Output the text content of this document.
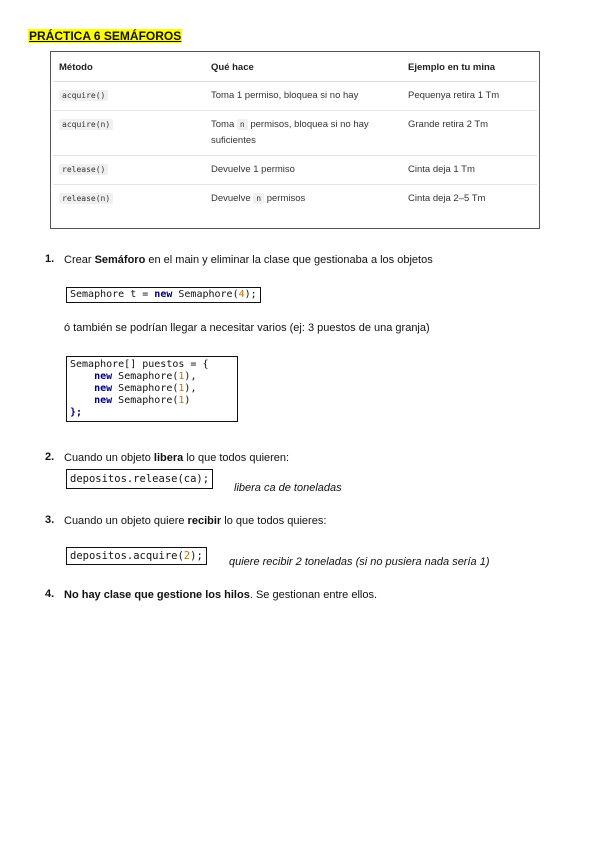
PRÁCTICA 6 SEMÁFOROS
Método	Qué hace	Ejemplo en tu mina
acquire()	Toma 1 permiso, bloquea si no hay	Pequenya retira 1 Tm
acquire(n)	Toma n permisos, bloquea si no hay suficientes	Grande retira 2 Tm
release()	Devuelve 1 permiso	Cinta deja 1 Tm
release(n)	Devuelve n permisos	Cinta deja 2–5 Tm
1. Crear Semáforo en el main y eliminar la clase que gestionaba a los objetos
Semaphore t = new Semaphore(4);
ó también se podrían llegar a necesitar varios (ej: 3 puestos de una granja)
Semaphore[] puestos = {
new Semaphore(1),
new Semaphore(1),
new Semaphore(1)
};
2. Cuando un objeto libera lo que todos quieren:
depositos.release(ca);
libera ca de toneladas
3. Cuando un objeto quiere recibir lo que todos quieres:
depositos.acquire(2);	quiere recibir 2 toneladas (si no pusiera nada sería 1)
4. No hay clase que gestione los hilos. Se gestionan entre ellos.
